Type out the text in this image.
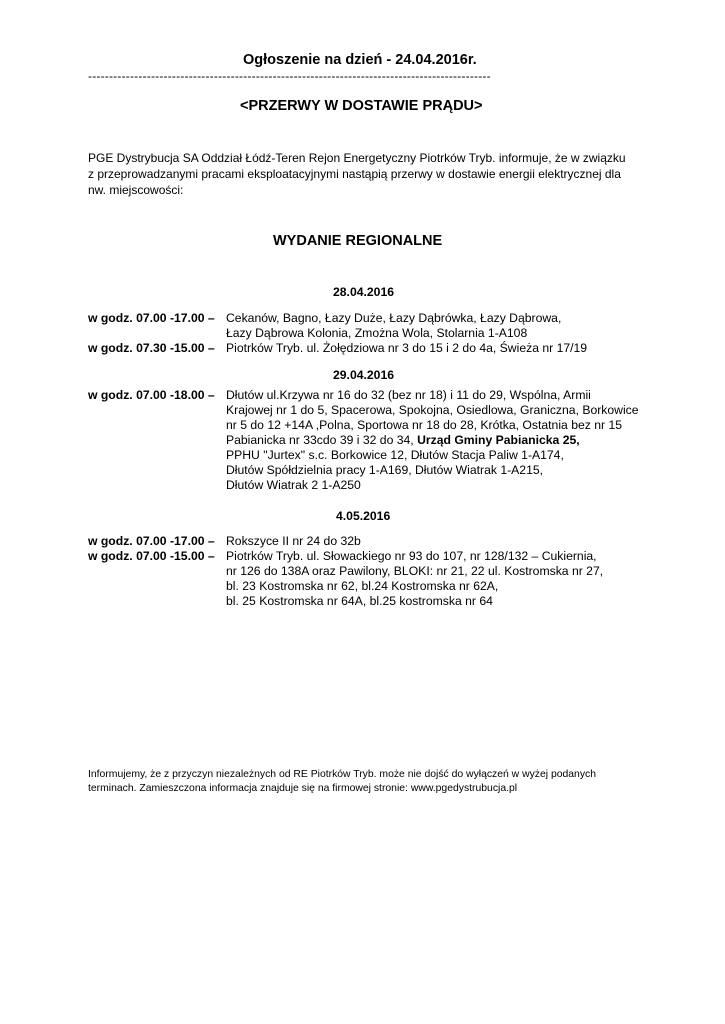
Ogłoszenie na dzień - 24.04.2016r.
------------------------------------------------------------------------------------------------
<PRZERWY W DOSTAWIE PRĄDU>
PGE Dystrybucja SA Oddział Łódź-Teren Rejon Energetyczny Piotrków Tryb. informuje, że w związku
z przeprowadzanymi pracami eksploatacyjnymi nastąpią przerwy w dostawie energii elektrycznej dla
nw. miejscowości:
WYDANIE REGIONALNE
28.04.2016
w godz. 07.00 -17.00 – Cekanów, Bagno, Łazy Duże, Łazy Dąbrówka, Łazy Dąbrowa,
Łazy Dąbrowa Kolonia, Zmożna Wola, Stolarnia 1-A108
w godz. 07.30 -15.00 – Piotrków Tryb. ul. Żołędziowa nr 3 do 15 i 2 do 4a, Świeża nr 17/19
29.04.2016
w godz. 07.00 -18.00 – Dłutów ul.Krzywa nr 16 do 32 (bez nr 18) i 11 do 29, Wspólna, Armii
Krajowej nr 1 do 5, Spacerowa, Spokojna, Osiedlowa, Graniczna, Borkowice
nr 5 do 12 +14A ,Polna, Sportowa nr 18 do 28, Krótka, Ostatnia bez nr 15
Pabianicka nr 33cdo 39 i 32 do 34, Urząd Gminy Pabianicka 25,
PPHU "Jurtex" s.c. Borkowice 12, Dłutów Stacja Paliw 1-A174,
Dłutów Spółdzielnia pracy 1-A169, Dłutów Wiatrak 1-A215,
Dłutów Wiatrak 2 1-A250
4.05.2016
w godz. 07.00 -17.00 – Rokszyce II nr 24 do 32b
w godz. 07.00 -15.00 – Piotrków Tryb. ul. Słowackiego nr 93 do 107, nr 128/132 – Cukiernia,
nr 126 do 138A oraz Pawilony, BLOKI: nr 21, 22 ul. Kostromska nr 27,
bl. 23 Kostromska nr 62, bl.24 Kostromska nr 62A,
bl. 25 Kostromska nr 64A, bl.25 kostromska nr 64
Informujemy, że z przyczyn niezależnych od RE Piotrków Tryb. może nie dojść do wyłączeń w wyżej podanych
terminach. Zamieszczona informacja znajduje się na firmowej stronie: www.pgedystrubucja.pl
